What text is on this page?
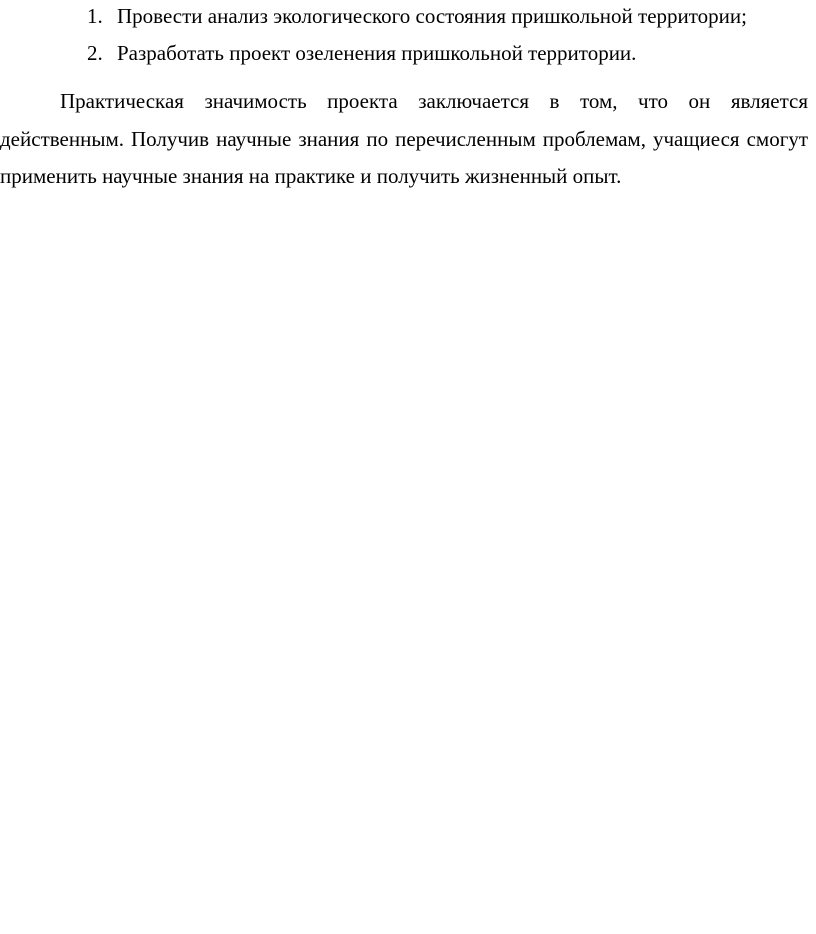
1. Провести анализ экологического состояния пришкольной территории;
2. Разработать проект озеленения пришкольной территории.

Практическая значимость проекта заключается в том, что он является действенным. Получив научные знания по перечисленным проблемам, учащиеся смогут применить научные знания на практике и получить жизненный опыт.
